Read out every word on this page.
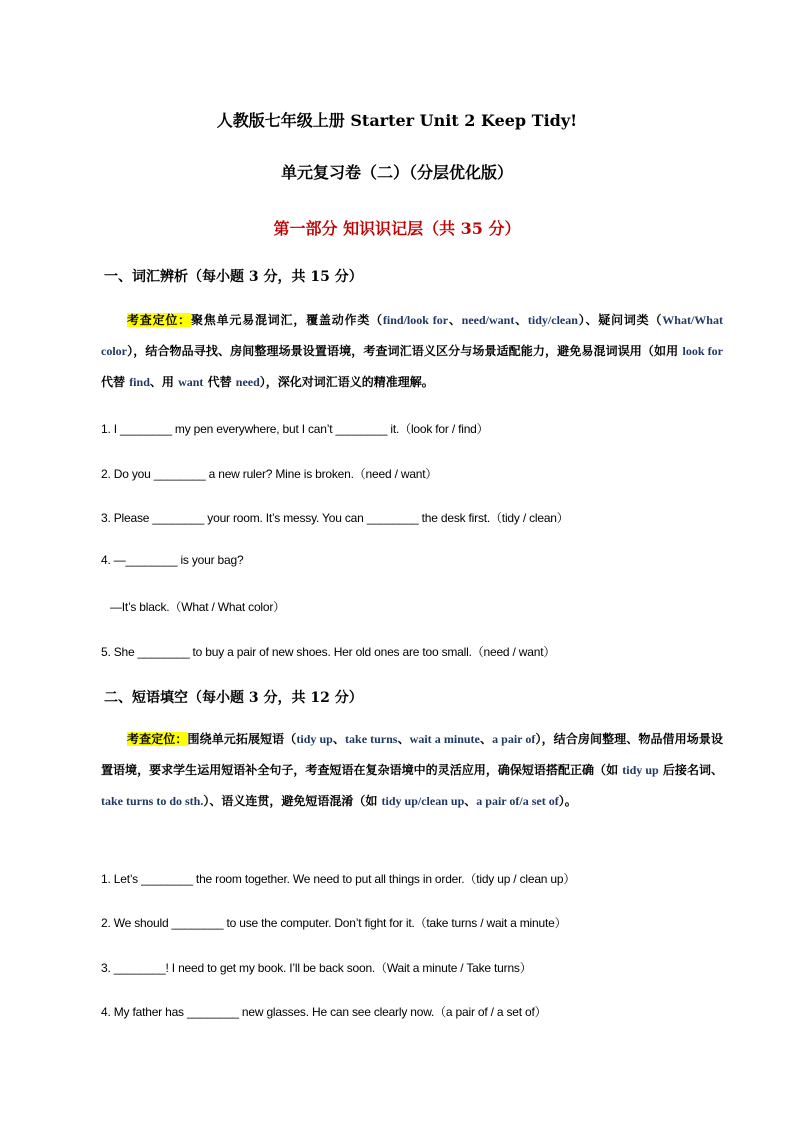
人教版七年级上册 Starter Unit 2 Keep Tidy!
单元复习卷（二）（分层优化版）
第一部分 知识识记层（共 35 分）
一、词汇辨析（每小题 3 分，共 15 分）
考查定位：聚焦单元易混词汇，覆盖动作类（find/look for、need/want、tidy/clean）、疑问词类（What/What color），结合物品寻找、房间整理场景设置语境，考查词汇语义区分与场景适配能力，避免易混词误用（如用 look for 代替 find、用 want 代替 need），深化对词汇语义的精准理解。
1. I ________ my pen everywhere, but I can’t ________ it.（look for / find）
2. Do you ________ a new ruler? Mine is broken.（need / want）
3. Please ________ your room. It’s messy. You can ________ the desk first.（tidy / clean）
4. —________ is your bag?
—It’s black.（What / What color）
5. She ________ to buy a pair of new shoes. Her old ones are too small.（need / want）
二、短语填空（每小题 3 分，共 12 分）
考查定位：围绕单元拓展短语（tidy up、take turns、wait a minute、a pair of），结合房间整理、物品借用场景设置语境，要求学生运用短语补全句子，考查短语在复杂语境中的灵活应用，确保短语搭配正确（如 tidy up 后接名词、take turns to do sth.）、语义连贯，避免短语混淆（如 tidy up/clean up、a pair of/a set of）。
1. Let’s ________ the room together. We need to put all things in order.（tidy up / clean up）
2. We should ________ to use the computer. Don’t fight for it.（take turns / wait a minute）
3. ________! I need to get my book. I’ll be back soon.（Wait a minute / Take turns）
4. My father has ________ new glasses. He can see clearly now.（a pair of / a set of）
